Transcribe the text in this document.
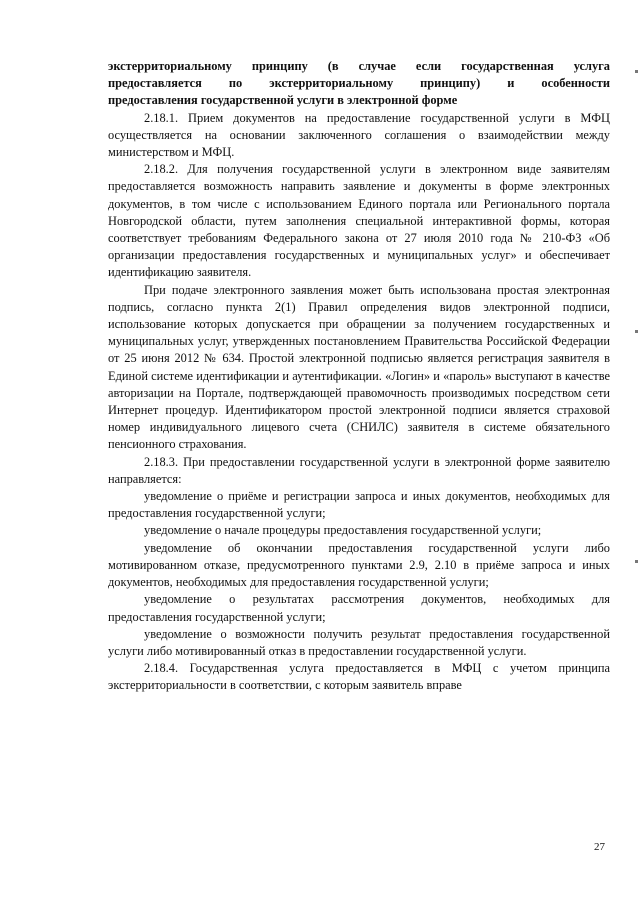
экстерриториальному принципу (в случае если государственная услуга
предоставляется по экстерриториальному принципу) и особенности
предоставления государственной услуги в электронной форме

2.18.1. Прием документов на предоставление государственной услуги в МФЦ осуществляется на основании заключенного соглашения о взаимодействии между министерством и МФЦ.

2.18.2. Для получения государственной услуги в электронном виде заявителям предоставляется возможность направить заявление и документы в форме электронных документов, в том числе с использованием Единого портала или Регионального портала Новгородской области, путем заполнения специальной интерактивной формы, которая соответствует требованиям Федерального закона от 27 июля 2010 года № 210-ФЗ «Об организации предоставления государственных и муниципальных услуг» и обеспечивает идентификацию заявителя.

При подаче электронного заявления может быть использована простая электронная подпись, согласно пункта 2(1) Правил определения видов электронной подписи, использование которых допускается при обращении за получением государственных и муниципальных услуг, утвержденных постановлением Правительства Российской Федерации от 25 июня 2012 № 634. Простой электронной подписью является регистрация заявителя в Единой системе идентификации и аутентификации. «Логин» и «пароль» выступают в качестве авторизации на Портале, подтверждающей правомочность производимых посредством сети Интернет процедур. Идентификатором простой электронной подписи является страховой номер индивидуального лицевого счета (СНИЛС) заявителя в системе обязательного пенсионного страхования.

2.18.3. При предоставлении государственной услуги в электронной форме заявителю направляется:

уведомление о приёме и регистрации запроса и иных документов, необходимых для предоставления государственной услуги;

уведомление о начале процедуры предоставления государственной услуги;

уведомление об окончании предоставления государственной услуги либо мотивированном отказе, предусмотренного пунктами 2.9, 2.10 в приёме запроса и иных документов, необходимых для предоставления государственной услуги;

уведомление о результатах рассмотрения документов, необходимых для предоставления государственной услуги;

уведомление о возможности получить результат предоставления государственной услуги либо мотивированный отказ в предоставлении государственной услуги.

2.18.4. Государственная услуга предоставляется в МФЦ с учетом принципа экстерриториальности в соответствии, с которым заявитель вправе

27
